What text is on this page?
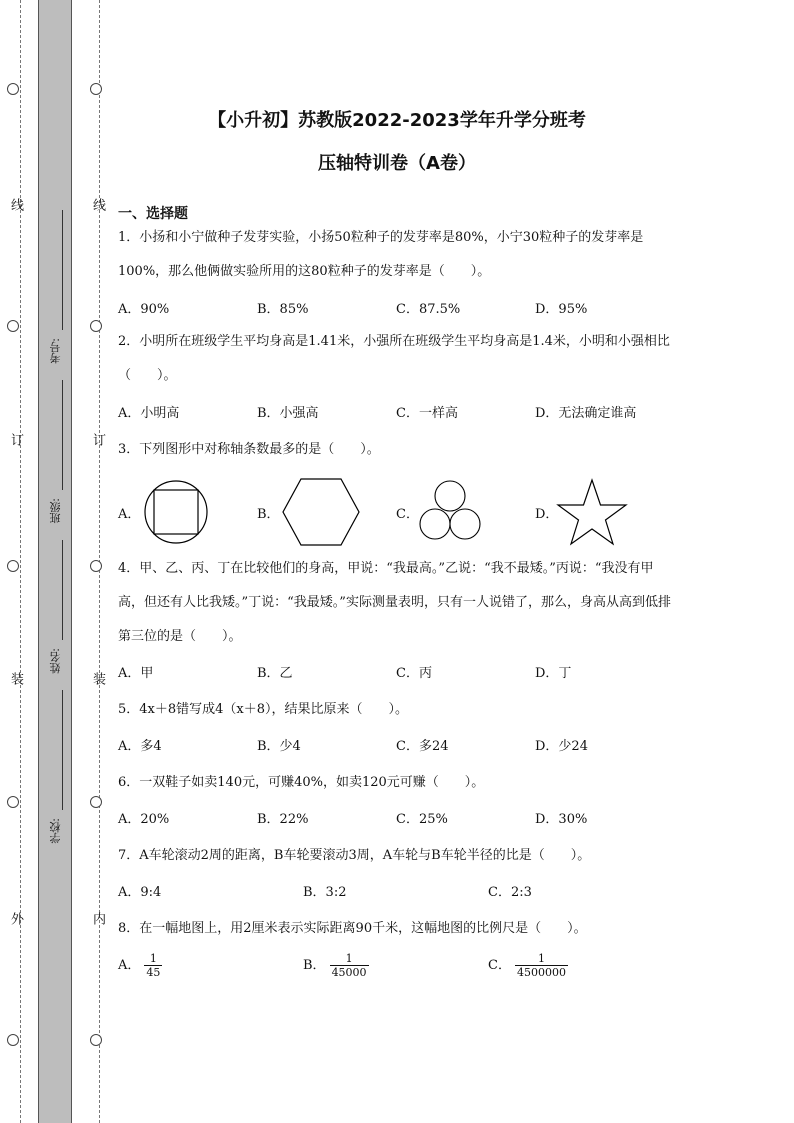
线
订
装
外
线
订
装
内
考号:
班级:
姓名:
学校:
【小升初】苏教版2022-2023学年升学分班考
压轴特训卷（A卷）
一、选择题
1．小扬和小宁做种子发芽实验，小扬50粒种子的发芽率是80%，小宁30粒种子的发芽率是100%，那么他俩做实验所用的这80粒种子的发芽率是（　　）。
A．90%	B．85%	C．87.5%	D．95%
2．小明所在班级学生平均身高是1.41米，小强所在班级学生平均身高是1.4米，小明和小强相比（　　）。
A．小明高	B．小强高	C．一样高	D．无法确定谁高
3．下列图形中对称轴条数最多的是（　　）。
A．	B．	C．	D．
4．甲、乙、丙、丁在比较他们的身高，甲说：“我最高。”乙说：“我不最矮。”丙说：“我没有甲高，但还有人比我矮。”丁说：“我最矮。”实际测量表明，只有一人说错了，那么，身高从高到低排第三位的是（　　）。
A．甲	B．乙	C．丙	D．丁
5．4x＋8错写成4（x＋8），结果比原来（　　）。
A．多4	B．少4	C．多24	D．少24
6．一双鞋子如卖140元，可赚40%，如卖120元可赚（　　）。
A．20%	B．22%	C．25%	D．30%
7．A车轮滚动2周的距离，B车轮要滚动3周，A车轮与B车轮半径的比是（　　）。
A．9:4	B．3:2	C．2:3
8．在一幅地图上，用2厘米表示实际距离90千米，这幅地图的比例尺是（　　）。
A． $\frac{1}{45}$	B． $\frac{1}{45000}$	C． $\frac{1}{4500000}$
